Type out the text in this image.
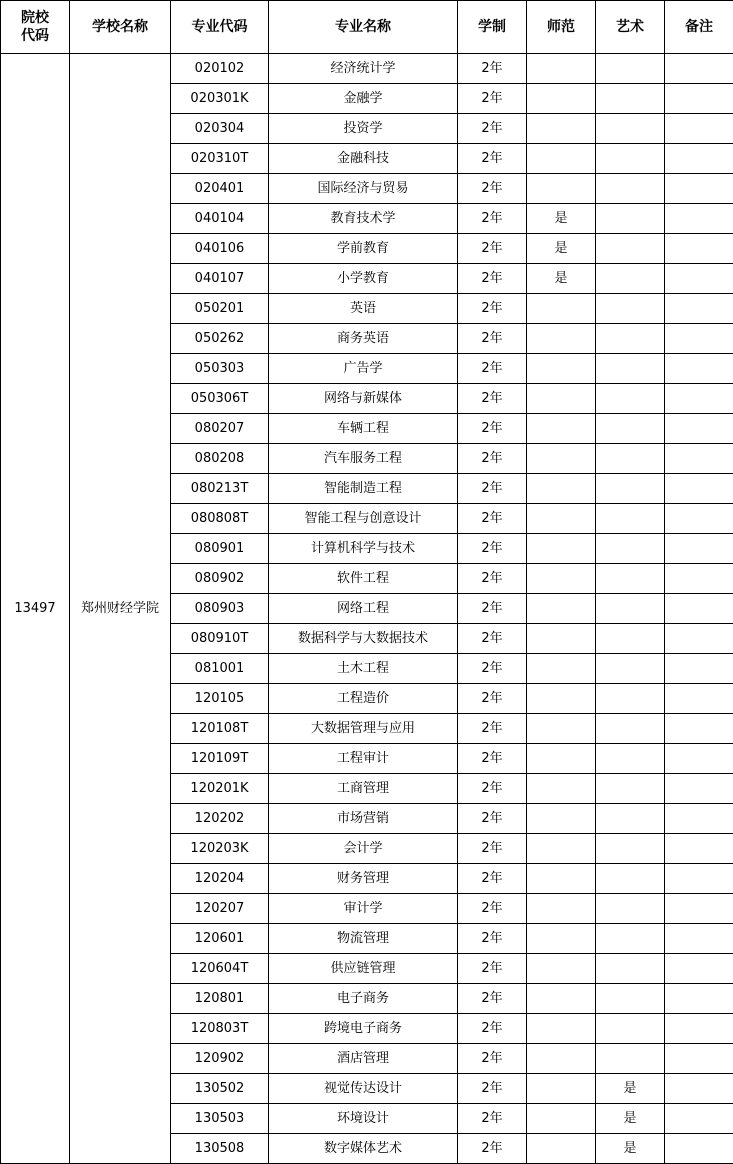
院校
代码	学校名称	专业代码	专业名称	学制	师范	艺术	备注
13497	郑州财经学院	020102	经济统计学	2年			
		020301K	金融学	2年			
		020304	投资学	2年			
		020310T	金融科技	2年			
		020401	国际经济与贸易	2年			
		040104	教育技术学	2年	是		
		040106	学前教育	2年	是		
		040107	小学教育	2年	是		
		050201	英语	2年			
		050262	商务英语	2年			
		050303	广告学	2年			
		050306T	网络与新媒体	2年			
		080207	车辆工程	2年			
		080208	汽车服务工程	2年			
		080213T	智能制造工程	2年			
		080808T	智能工程与创意设计	2年			
		080901	计算机科学与技术	2年			
		080902	软件工程	2年			
		080903	网络工程	2年			
		080910T	数据科学与大数据技术	2年			
		081001	土木工程	2年			
		120105	工程造价	2年			
		120108T	大数据管理与应用	2年			
		120109T	工程审计	2年			
		120201K	工商管理	2年			
		120202	市场营销	2年			
		120203K	会计学	2年			
		120204	财务管理	2年			
		120207	审计学	2年			
		120601	物流管理	2年			
		120604T	供应链管理	2年			
		120801	电子商务	2年			
		120803T	跨境电子商务	2年			
		120902	酒店管理	2年			
		130502	视觉传达设计	2年		是	
		130503	环境设计	2年		是	
		130508	数字媒体艺术	2年		是	
